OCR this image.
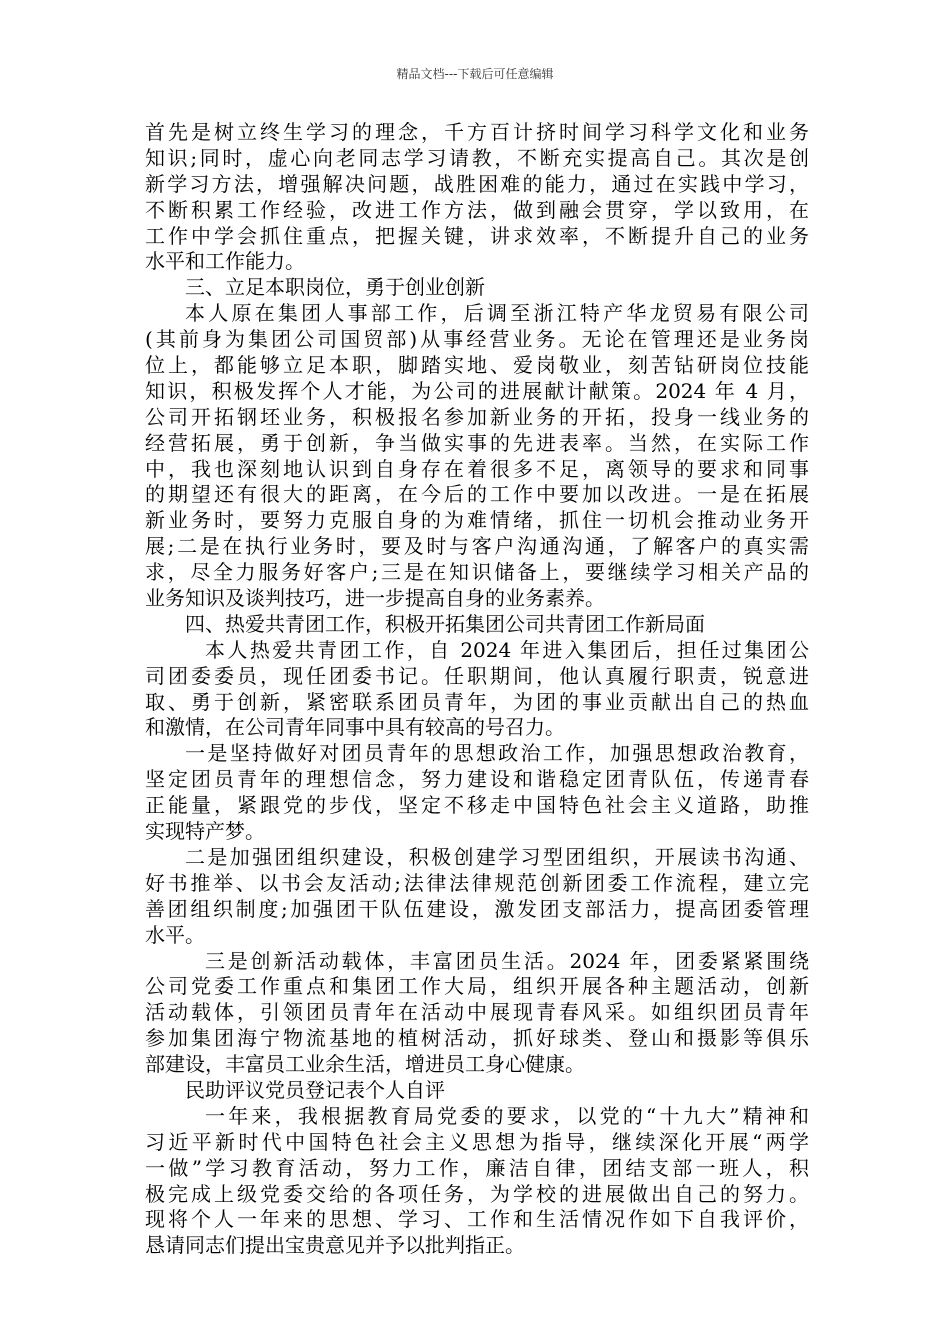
精品文档---下载后可任意编辑
首先是树立终生学习的理念，千方百计挤时间学习科学文化和业务
知识;同时，虚心向老同志学习请教，不断充实提高自己。其次是创
新学习方法，增强解决问题，战胜困难的能力，通过在实践中学习，
不断积累工作经验，改进工作方法，做到融会贯穿，学以致用，在
工作中学会抓住重点，把握关键，讲求效率，不断提升自己的业务
水平和工作能力。
三、立足本职岗位，勇于创业创新
本人原在集团人事部工作，后调至浙江特产华龙贸易有限公司
(其前身为集团公司国贸部)从事经营业务。无论在管理还是业务岗
位上，都能够立足本职，脚踏实地、爱岗敬业，刻苦钻研岗位技能
知识，积极发挥个人才能，为公司的进展献计献策。2024 年 4 月，
公司开拓钢坯业务，积极报名参加新业务的开拓，投身一线业务的
经营拓展，勇于创新，争当做实事的先进表率。当然，在实际工作
中，我也深刻地认识到自身存在着很多不足，离领导的要求和同事
的期望还有很大的距离，在今后的工作中要加以改进。一是在拓展
新业务时，要努力克服自身的为难情绪，抓住一切机会推动业务开
展;二是在执行业务时，要及时与客户沟通沟通，了解客户的真实需
求，尽全力服务好客户;三是在知识储备上，要继续学习相关产品的
业务知识及谈判技巧，进一步提高自身的业务素养。
四、热爱共青团工作，积极开拓集团公司共青团工作新局面
本人热爱共青团工作，自 2024 年进入集团后，担任过集团公
司团委委员，现任团委书记。任职期间，他认真履行职责，锐意进
取、勇于创新，紧密联系团员青年，为团的事业贡献出自己的热血
和激情，在公司青年同事中具有较高的号召力。
一是坚持做好对团员青年的思想政治工作，加强思想政治教育，
坚定团员青年的理想信念，努力建设和谐稳定团青队伍，传递青春
正能量，紧跟党的步伐，坚定不移走中国特色社会主义道路，助推
实现特产梦。
二是加强团组织建设，积极创建学习型团组织，开展读书沟通、
好书推举、以书会友活动;法律法律规范创新团委工作流程，建立完
善团组织制度;加强团干队伍建设，激发团支部活力，提高团委管理
水平。
三是创新活动载体，丰富团员生活。2024 年，团委紧紧围绕
公司党委工作重点和集团工作大局，组织开展各种主题活动，创新
活动载体，引领团员青年在活动中展现青春风采。如组织团员青年
参加集团海宁物流基地的植树活动，抓好球类、登山和摄影等俱乐
部建设，丰富员工业余生活，增进员工身心健康。
民助评议党员登记表个人自评
一年来，我根据教育局党委的要求，以党的“十九大”精神和
习近平新时代中国特色社会主义思想为指导，继续深化开展“两学
一做”学习教育活动，努力工作，廉洁自律，团结支部一班人，积
极完成上级党委交给的各项任务，为学校的进展做出自己的努力。
现将个人一年来的思想、学习、工作和生活情况作如下自我评价，
恳请同志们提出宝贵意见并予以批判指正。
